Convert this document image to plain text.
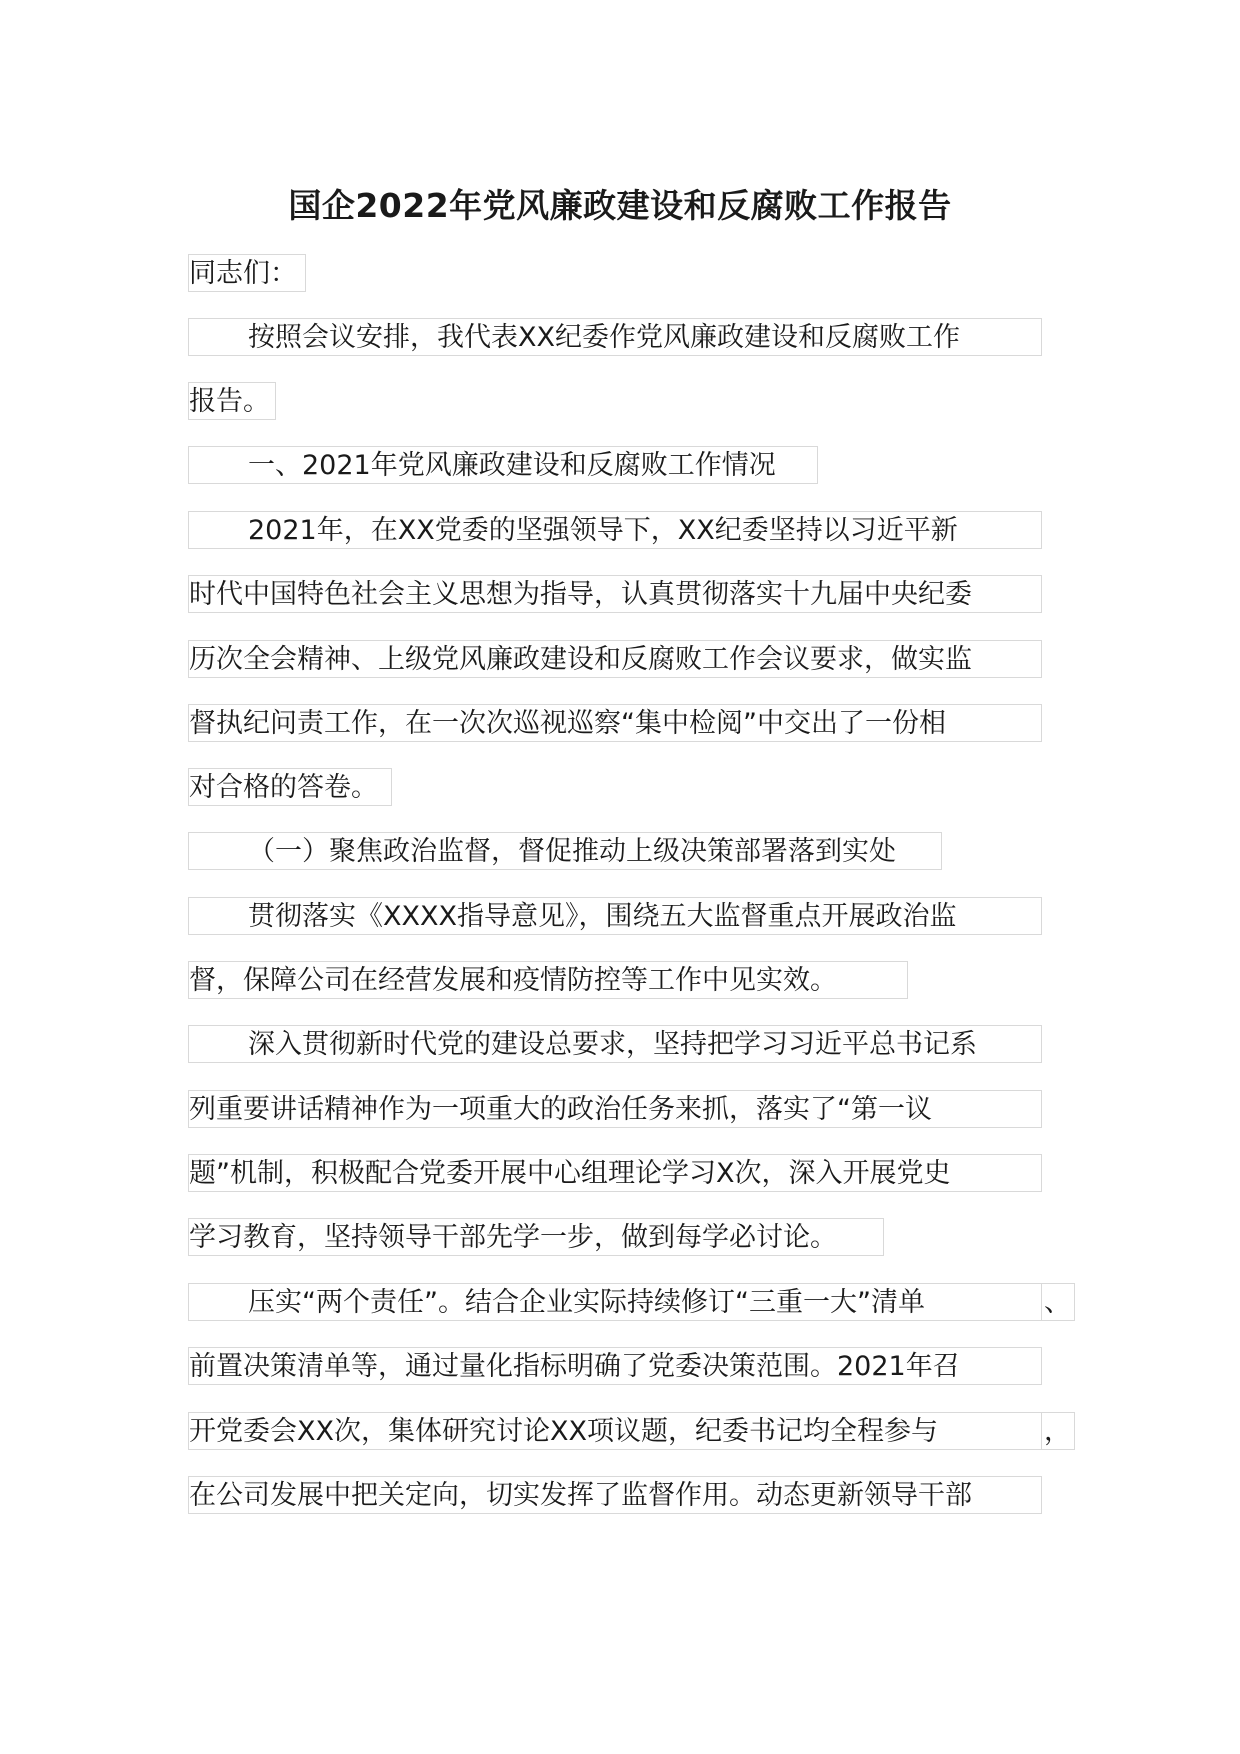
国企2022年党风廉政建设和反腐败工作报告
同志们：
按照会议安排，我代表XX纪委作党风廉政建设和反腐败工作
报告。
一、2021年党风廉政建设和反腐败工作情况
2021年，在XX党委的坚强领导下，XX纪委坚持以习近平新
时代中国特色社会主义思想为指导，认真贯彻落实十九届中央纪委
历次全会精神、上级党风廉政建设和反腐败工作会议要求，做实监
督执纪问责工作，在一次次巡视巡察“集中检阅”中交出了一份相
对合格的答卷。
（一）聚焦政治监督，督促推动上级决策部署落到实处
贯彻落实《XXXX指导意见》，围绕五大监督重点开展政治监
督，保障公司在经营发展和疫情防控等工作中见实效。
深入贯彻新时代党的建设总要求，坚持把学习习近平总书记系
列重要讲话精神作为一项重大的政治任务来抓，落实了“第一议
题”机制，积极配合党委开展中心组理论学习X次，深入开展党史
学习教育，坚持领导干部先学一步，做到每学必讨论。
压实“两个责任”。结合企业实际持续修订“三重一大”清单	、
前置决策清单等，通过量化指标明确了党委决策范围。2021年召
开党委会XX次，集体研究讨论XX项议题，纪委书记均全程参与	，
在公司发展中把关定向，切实发挥了监督作用。动态更新领导干部
